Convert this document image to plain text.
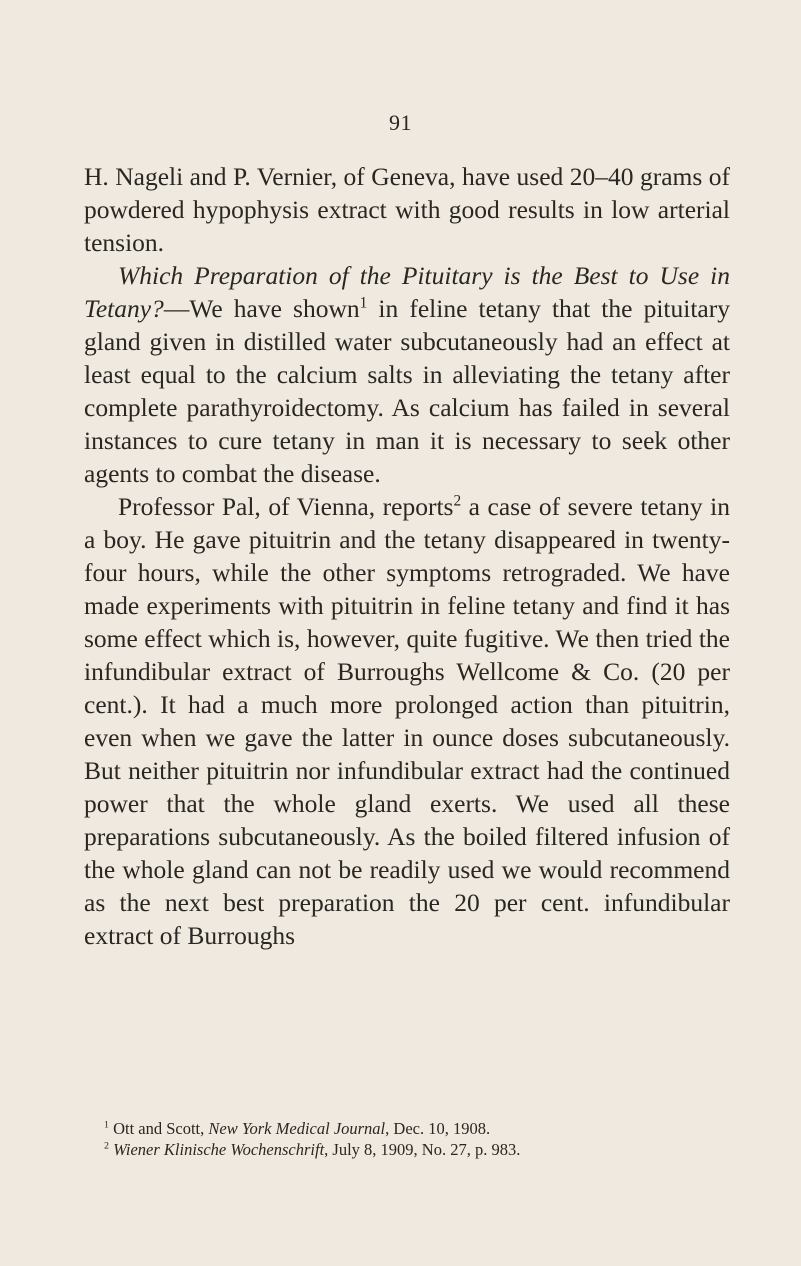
91

H. Nageli and P. Vernier, of Geneva, have used 20–40 grams of powdered hypophysis extract with good results in low arterial tension.

Which Preparation of the Pituitary is the Best to Use in Tetany?—We have shown$^1$ in feline tetany that the pituitary gland given in distilled water subcutaneously had an effect at least equal to the calcium salts in alleviating the tetany after complete parathyroidectomy. As calcium has failed in several instances to cure tetany in man it is necessary to seek other agents to combat the disease.

Professor Pal, of Vienna, reports$^2$ a case of severe tetany in a boy. He gave pituitrin and the tetany disappeared in twenty-four hours, while the other symptoms retrograded. We have made experiments with pituitrin in feline tetany and find it has some effect which is, however, quite fugitive. We then tried the infundibular extract of Burroughs Wellcome & Co. (20 per cent.). It had a much more prolonged action than pituitrin, even when we gave the latter in ounce doses subcutaneously. But neither pituitrin nor infundibular extract had the continued power that the whole gland exerts. We used all these preparations subcutaneously. As the boiled filtered infusion of the whole gland can not be readily used we would recommend as the next best preparation the 20 per cent. infundibular extract of Burroughs

$^1$ Ott and Scott, New York Medical Journal, Dec. 10, 1908.

$^2$ Wiener Klinische Wochenschrift, July 8, 1909, No. 27, p. 983.
